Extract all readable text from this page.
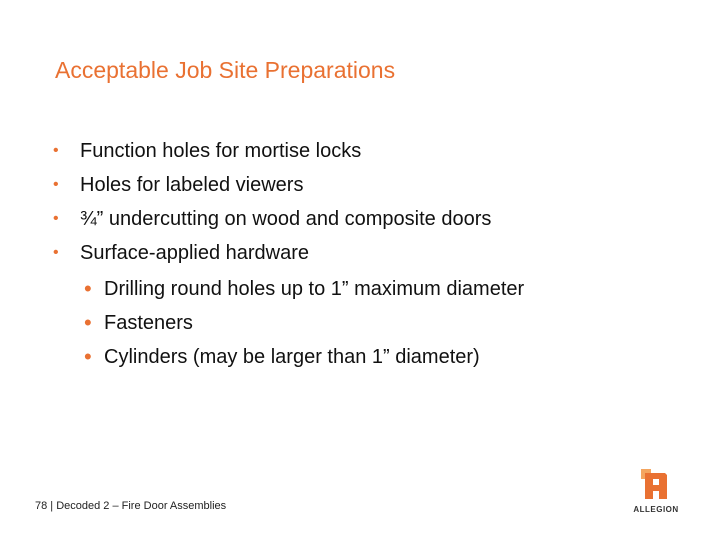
Acceptable Job Site Preparations
• Function holes for mortise locks
• Holes for labeled viewers
• ¾” undercutting on wood and composite doors
• Surface-applied hardware
• Drilling round holes up to 1” maximum diameter
• Fasteners
• Cylinders (may be larger than 1” diameter)
78 | Decoded 2 – Fire Door Assemblies	ALLEGION
